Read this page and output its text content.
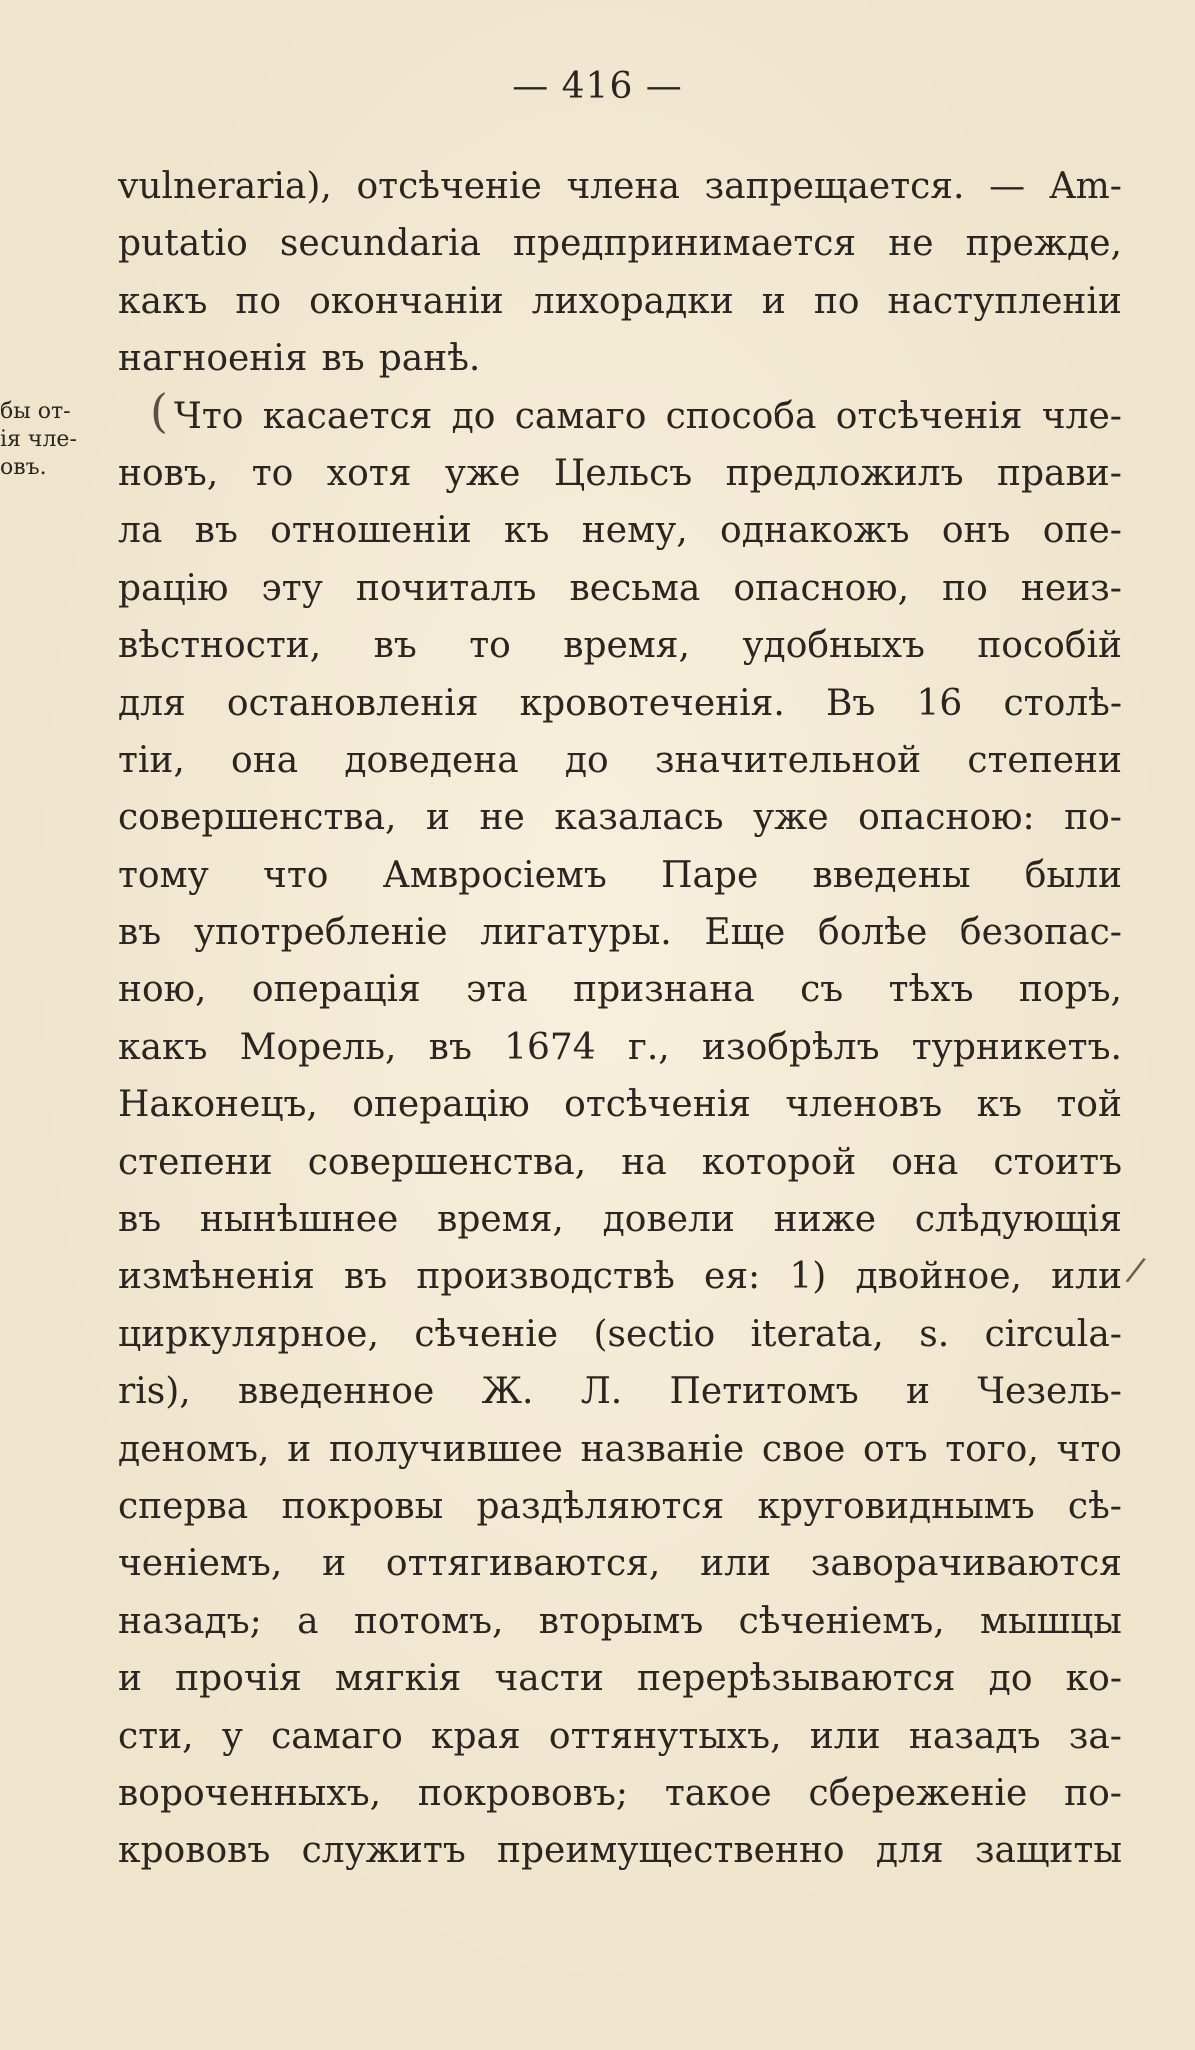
— 416 —
бы от-
ія чле-
овъ.
(
/
vulneraria), отсѣченіе члена запрещается. — Am-
putatio secundaria предпринимается не прежде,
какъ по окончаніи лихорадки и по наступленіи
нагноенія въ ранѣ.
Что касается до самаго способа отсѣченія чле-
новъ, то хотя уже Цельсъ предложилъ прави-
ла въ отношеніи къ нему, однакожъ онъ опе-
рацію эту почиталъ весьма опасною, по неиз-
вѣстности, въ то время, удобныхъ пособій
для остановленія кровотеченія. Въ 16 столѣ-
тіи, она доведена до значительной степени
совершенства, и не казалась уже опасною: по-
тому что Амвросіемъ Паре введены были
въ употребленіе лигатуры. Еще болѣе безопас-
ною, операція эта признана съ тѣхъ поръ,
какъ Морель, въ 1674 г., изобрѣлъ турникетъ.
Наконецъ, операцію отсѣченія членовъ къ той
степени совершенства, на которой она стоитъ
въ нынѣшнее время, довели ниже слѣдующія
измѣненія въ производствѣ ея: 1) двойное, или
циркулярное, сѣченіе (sectio iterata, s. circula-
ris), введенное Ж. Л. Петитомъ и Чезель-
деномъ, и получившее названіе свое отъ того, что
сперва покровы раздѣляются круговиднымъ сѣ-
ченіемъ, и оттягиваются, или заворачиваются
назадъ; а потомъ, вторымъ сѣченіемъ, мышцы
и прочія мягкія части перерѣзываются до ко-
сти, у самаго края оттянутыхъ, или назадъ за-
вороченныхъ, покрововъ; такое сбереженіе по-
крововъ служитъ преимущественно для защиты
